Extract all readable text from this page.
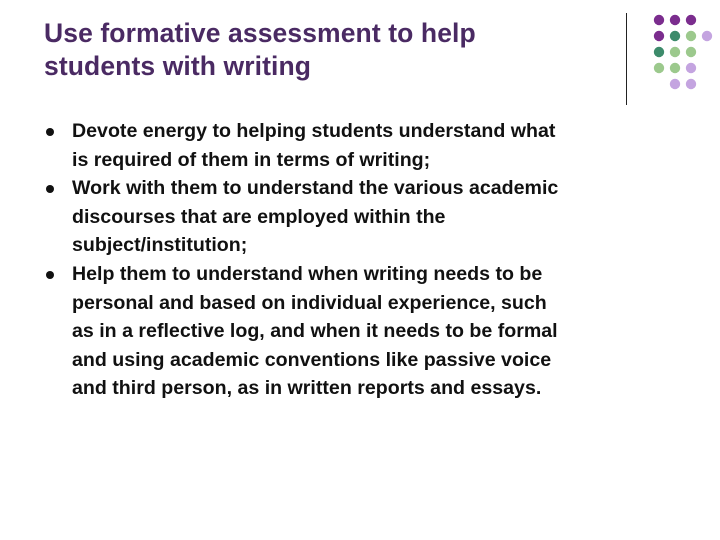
Use formative assessment to help
students with writing
Devote energy to helping students understand what
is required of them in terms of writing;
Work with them to understand the various academic
discourses that are employed within the
subject/institution;
Help them to understand when writing needs to be
personal and based on individual experience, such
as in a reflective log, and when it needs to be formal
and using academic conventions like passive voice
and third person, as in written reports and essays.
